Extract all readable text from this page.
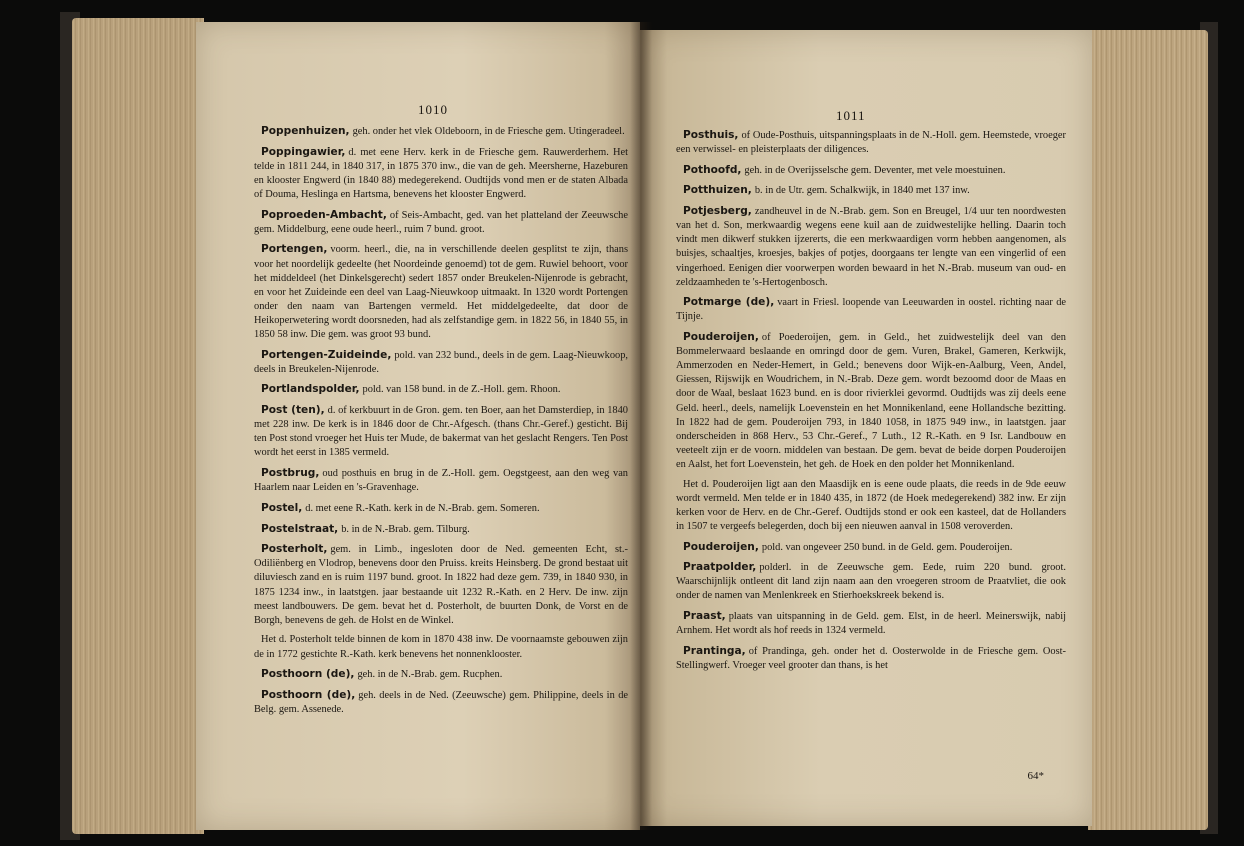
1010

Poppenhuizen, geh. onder het vlek Oldeboorn, in de Friesche gem. Utingeradeel.

Poppingawier, d. met eene Herv. kerk in de Friesche gem. Rauwerderhem. Het telde in 1811 244, in 1840 317, in 1875 370 inw., die van de geh. Meersherne, Hazeburen en klooster Engwerd (in 1840 88) medegerekend. Oudtijds vond men er de staten Albada of Douma, Heslinga en Hartsma, benevens het klooster Engwerd.

Poproeden-Ambacht, of Seis-Ambacht, ged. van het platteland der Zeeuwsche gem. Middelburg, eene oude heerl., ruim 7 bund. groot.

Portengen, voorm. heerl., die, na in verschillende deelen gesplitst te zijn, thans voor het noordelijk gedeelte (het Noordeinde genoemd) tot de gem. Ruwiel behoort, voor het middeldeel (het Dinkelsgerecht) sedert 1857 onder Breukelen-Nijenrode is gebracht, en voor het Zuideinde een deel van Laag-Nieuwkoop uitmaakt. In 1320 wordt Portengen onder den naam van Bartengen vermeld. Het middelgedeelte, dat door de Heikoperwetering wordt doorsneden, had als zelfstandige gem. in 1822 56, in 1840 55, in 1850 58 inw. Die gem. was groot 93 bund.

Portengen-Zuideinde, pold. van 232 bund., deels in de gem. Laag-Nieuwkoop, deels in Breukelen-Nijenrode.

Portlandspolder, pold. van 158 bund. in de Z.-Holl. gem. Rhoon.

Post (ten), d. of kerkbuurt in de Gron. gem. ten Boer, aan het Damsterdiep, in 1840 met 228 inw. De kerk is in 1846 door de Chr.-Afgesch. (thans Chr.-Geref.) gesticht. Bij ten Post stond vroeger het Huis ter Mude, de bakermat van het geslacht Rengers. Ten Post wordt het eerst in 1385 vermeld.

Postbrug, oud posthuis en brug in de Z.-Holl. gem. Oegstgeest, aan den weg van Haarlem naar Leiden en 's-Gravenhage.

Postel, d. met eene R.-Kath. kerk in de N.-Brab. gem. Someren.

Postelstraat, b. in de N.-Brab. gem. Tilburg.

Posterholt, gem. in Limb., ingesloten door de Ned. gemeenten Echt, st.-Odiliënberg en Vlodrop, benevens door den Pruiss. kreits Heinsberg. De grond bestaat uit diluviesch zand en is ruim 1197 bund. groot. In 1822 had deze gem. 739, in 1840 930, in 1875 1234 inw., in laatstgen. jaar bestaande uit 1232 R.-Kath. en 2 Herv. De inw. zijn meest landbouwers. De gem. bevat het d. Posterholt, de buurten Donk, de Vorst en de Borgh, benevens de geh. de Holst en de Winkel.

Het d. Posterholt telde binnen de kom in 1870 438 inw. De voornaamste gebouwen zijn de in 1772 gestichte R.-Kath. kerk benevens het nonnenklooster.

Posthoorn (de), geh. in de N.-Brab. gem. Rucphen.

Posthoorn (de), geh. deels in de Ned. (Zeeuwsche) gem. Philippine, deels in de Belg. gem. Assenede.

1011

Posthuis, of Oude-Posthuis, uitspanningsplaats in de N.-Holl. gem. Heemstede, vroeger een verwissel- en pleisterplaats der diligences.

Pothoofd, geh. in de Overijsselsche gem. Deventer, met vele moestuinen.

Potthuizen, b. in de Utr. gem. Schalkwijk, in 1840 met 137 inw.

Potjesberg, zandheuvel in de N.-Brab. gem. Son en Breugel, 1/4 uur ten noordwesten van het d. Son, merkwaardig wegens eene kuil aan de zuidwestelijke helling. Daarin toch vindt men dikwerf stukken ijzererts, die een merkwaardigen vorm hebben aangenomen, als buisjes, schaaltjes, kroesjes, bakjes of potjes, doorgaans ter lengte van een vingerlid of een vingerhoed. Eenigen dier voorwerpen worden bewaard in het N.-Brab. museum van oud- en zeldzaamheden te 's-Hertogenbosch.

Potmarge (de), vaart in Friesl. loopende van Leeuwarden in oostel. richting naar de Tijnje.

Pouderoijen, of Poederoijen, gem. in Geld., het zuidwestelijk deel van den Bommelerwaard beslaande en omringd door de gem. Vuren, Brakel, Gameren, Kerkwijk, Ammerzoden en Neder-Hemert, in Geld.; benevens door Wijk-en-Aalburg, Veen, Andel, Giessen, Rijswijk en Woudrichem, in N.-Brab. Deze gem. wordt bezoomd door de Maas en door de Waal, beslaat 1623 bund. en is door rivierklei gevormd. Oudtijds was zij deels eene Geld. heerl., deels, namelijk Loevenstein en het Monnikenland, eene Hollandsche bezitting. In 1822 had de gem. Pouderoijen 793, in 1840 1058, in 1875 949 inw., in laatstgen. jaar onderscheiden in 868 Herv., 53 Chr.-Geref., 7 Luth., 12 R.-Kath. en 9 Isr. Landbouw en veeteelt zijn er de voorn. middelen van bestaan. De gem. bevat de beide dorpen Pouderoijen en Aalst, het fort Loevenstein, het geh. de Hoek en den polder het Monnikenland.

Het d. Pouderoijen ligt aan den Maasdijk en is eene oude plaats, die reeds in de 9de eeuw wordt vermeld. Men telde er in 1840 435, in 1872 (de Hoek medegerekend) 382 inw. Er zijn kerken voor de Herv. en de Chr.-Geref. Oudtijds stond er ook een kasteel, dat de Hollanders in 1507 te vergeefs belegerden, doch bij een nieuwen aanval in 1508 veroverden.

Pouderoijen, pold. van ongeveer 250 bund. in de Geld. gem. Pouderoijen.

Praatpolder, polderl. in de Zeeuwsche gem. Eede, ruim 220 bund. groot. Waarschijnlijk ontleent dit land zijn naam aan den vroegeren stroom de Praatvliet, die ook onder de namen van Menlenkreek en Stierhoekskreek bekend is.

Praast, plaats van uitspanning in de Geld. gem. Elst, in de heerl. Meinerswijk, nabij Arnhem. Het wordt als hof reeds in 1324 vermeld.

Prantinga, of Prandinga, geh. onder het d. Oosterwolde in de Friesche gem. Oost-Stellingwerf. Vroeger veel grooter dan thans, is het

64*
